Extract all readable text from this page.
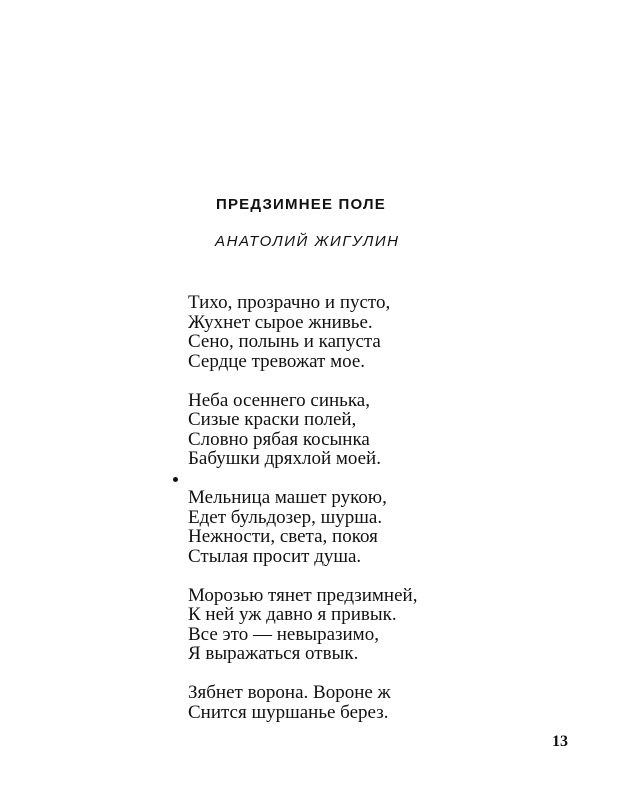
ПРЕДЗИМНЕЕ ПОЛЕ
АНАТОЛИЙ ЖИГУЛИН
Тихо, прозрачно и пусто,
Жухнет сырое жнивье.
Сено, полынь и капуста
Сердце тревожат мое.
Неба осеннего синька,
Сизые краски полей,
Словно рябая косынка
Бабушки дряхлой моей.
Мельница машет рукою,
Едет бульдозер, шурша.
Нежности, света, покоя
Стылая просит душа.
Морозью тянет предзимней,
К ней уж давно я привык.
Все это — невыразимо,
Я выражаться отвык.
Зябнет ворона. Вороне ж
Снится шуршанье берез.
13
